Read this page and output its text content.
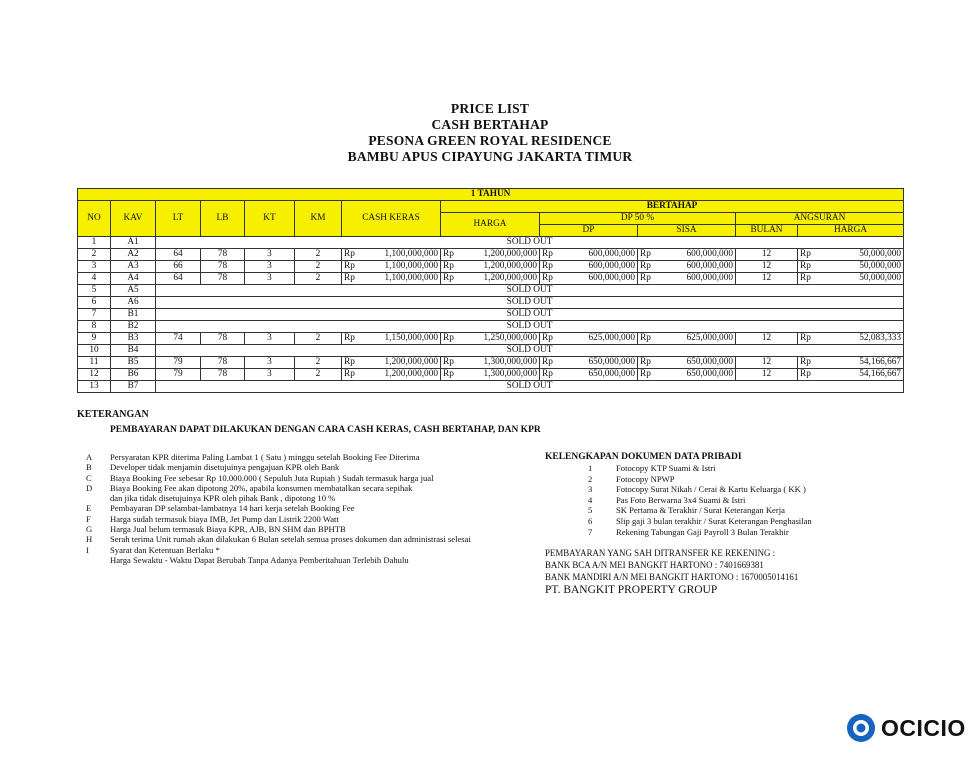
PRICE LIST
CASH BERTAHAP
PESONA GREEN ROYAL RESIDENCE
BAMBU APUS CIPAYUNG JAKARTA TIMUR
1 TAHUN																
NO	KAV	LT	LB	KT	KM	CASH KERAS		BERTAHAP								
								HARGA		DP 50 %				ANGSURAN		
										DP		SISA		BULAN	HARGA	
1	A1	SOLD OUT														
2	A2	64	78	3	2	Rp	1,100,000,000	Rp	1,200,000,000	Rp	600,000,000	Rp	600,000,000	12	Rp	50,000,000
3	A3	66	78	3	2	Rp	1,100,000,000	Rp	1,200,000,000	Rp	600,000,000	Rp	600,000,000	12	Rp	50,000,000
4	A4	64	78	3	2	Rp	1,100,000,000	Rp	1,200,000,000	Rp	600,000,000	Rp	600,000,000	12	Rp	50,000,000
5	A5	SOLD OUT														
6	A6	SOLD OUT														
7	B1	SOLD OUT														
8	B2	SOLD OUT														
9	B3	74	78	3	2	Rp	1,150,000,000	Rp	1,250,000,000	Rp	625,000,000	Rp	625,000,000	12	Rp	52,083,333
10	B4	SOLD OUT														
11	B5	79	78	3	2	Rp	1,200,000,000	Rp	1,300,000,000	Rp	650,000,000	Rp	650,000,000	12	Rp	54,166,667
12	B6	79	78	3	2	Rp	1,200,000,000	Rp	1,300,000,000	Rp	650,000,000	Rp	650,000,000	12	Rp	54,166,667
13	B7	SOLD OUT														
KETERANGAN
PEMBAYARAN DAPAT DILAKUKAN DENGAN CARA CASH KERAS, CASH BERTAHAP, DAN KPR
A	Persyaratan KPR diterima Paling Lambat 1 ( Satu ) minggu setelah Booking Fee Diterima
B	Developer tidak menjamin disetujuinya pengajuan KPR oleh Bank
C	Biaya Booking Fee sebesar Rp 10.000.000 ( Sepuluh Juta Rupiah ) Sudah termasuk harga jual
D	Biaya Booking Fee akan dipotong 20%, apabila konsumen membatalkan secara sepihak
dan jika tidak disetujuinya KPR oleh pihak Bank , dipotong 10 %
E	Pembayaran DP selambat-lambatnya 14 hari kerja setelah Booking Fee
F	Harga sudah termasuk biaya IMB, Jet Pump dan Listrik 2200 Watt
G	Harga Jual belum termasuk Biaya KPR, AJB, BN SHM dan BPHTB
H	Serah terima Unit rumah akan dilakukan 6 Bulan setelah semua proses dokumen dan administrasi selesai
I	Syarat dan Ketentuan Berlaku *
Harga Sewaktu - Waktu Dapat Berubah Tanpa Adanya Pemberitahuan Terlebih Dahulu
KELENGKAPAN DOKUMEN DATA PRIBADI
1	Fotocopy KTP Suami & Istri
2	Fotocopy NPWP
3	Fotocopy Surat Nikah / Cerai & Kartu Keluarga ( KK )
4	Pas Foto Berwarna 3x4 Suami & Istri
5	SK Pertama & Terakhir / Surat Keterangan Kerja
6	Slip gaji 3 bulan terakhir / Surat Keterangan Penghasilan
7	Rekening Tabungan Gaji Payroll 3 Bulan Terakhir
PEMBAYARAN YANG SAH DITRANSFER KE REKENING :
BANK BCA A/N MEI BANGKIT HARTONO : 7401669381
BANK MANDIRI A/N MEI BANGKIT HARTONO : 1670005014161
PT. BANGKIT PROPERTY GROUP
OCICIO
